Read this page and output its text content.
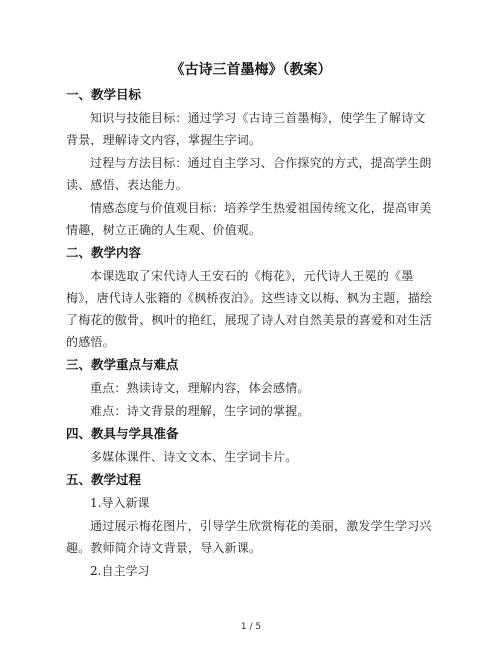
《古诗三首墨梅》（教案）
一、教学目标
知识与技能目标：通过学习《古诗三首墨梅》，使学生了解诗文背景，理解诗文内容，掌握生字词。
过程与方法目标：通过自主学习、合作探究的方式，提高学生朗读、感悟、表达能力。
情感态度与价值观目标：培养学生热爱祖国传统文化，提高审美情趣，树立正确的人生观、价值观。
二、教学内容
本课选取了宋代诗人王安石的《梅花》，元代诗人王冕的《墨梅》，唐代诗人张籍的《枫桥夜泊》。这些诗文以梅、枫为主题，描绘了梅花的傲骨、枫叶的艳红，展现了诗人对自然美景的喜爱和对生活的感悟。
三、教学重点与难点
重点：熟读诗文，理解内容，体会感情。
难点：诗文背景的理解，生字词的掌握。
四、教具与学具准备
多媒体课件、诗文文本、生字词卡片。
五、教学过程
1.导入新课
通过展示梅花图片，引导学生欣赏梅花的美丽，激发学生学习兴趣。教师简介诗文背景，导入新课。
2.自主学习
1 / 5
